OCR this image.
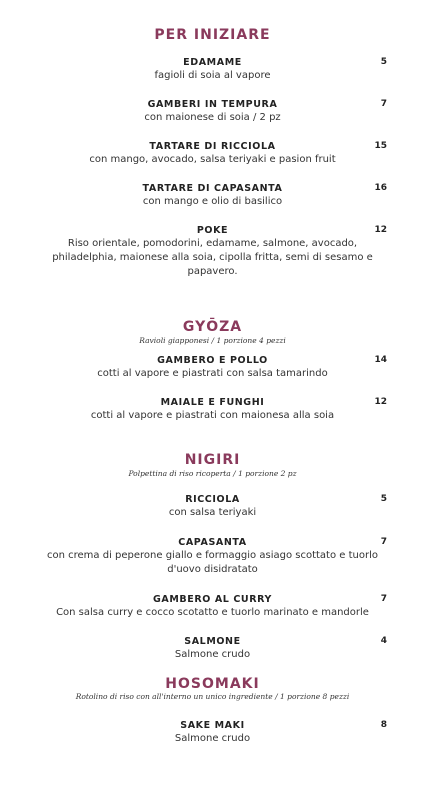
PER INIZIARE
EDAMAME
fagioli di soia al vapore
5
GAMBERI IN TEMPURA
con maionese di soia / 2 pz
7
TARTARE DI RICCIOLA
con mango, avocado, salsa teriyaki e pasion fruit
15
TARTARE DI CAPASANTA
con mango e olio di basilico
16
POKE
Riso orientale, pomodorini, edamame, salmone, avocado, philadelphia, maionese alla soia, cipolla fritta, semi di sesamo e papavero.
12
GYŌZA
Ravioli giapponesi / 1 porzione 4 pezzi
GAMBERO E POLLO
cotti al vapore e piastrati con salsa tamarindo
14
MAIALE E FUNGHI
cotti al vapore e piastrati con maionesa alla soia
12
NIGIRI
Polpettina di riso ricoperta / 1 porzione 2 pz
RICCIOLA
con salsa teriyaki
5
CAPASANTA
con crema di peperone giallo e formaggio asiago scottato e tuorlo d'uovo disidratato
7
GAMBERO AL CURRY
Con salsa curry e cocco scotatto e tuorlo marinato e mandorle
7
SALMONE
Salmone crudo
4
HOSOMAKI
Rotolino di riso con all'interno un unico ingrediente / 1 porzione 8 pezzi
SAKE MAKI
Salmone crudo
8
